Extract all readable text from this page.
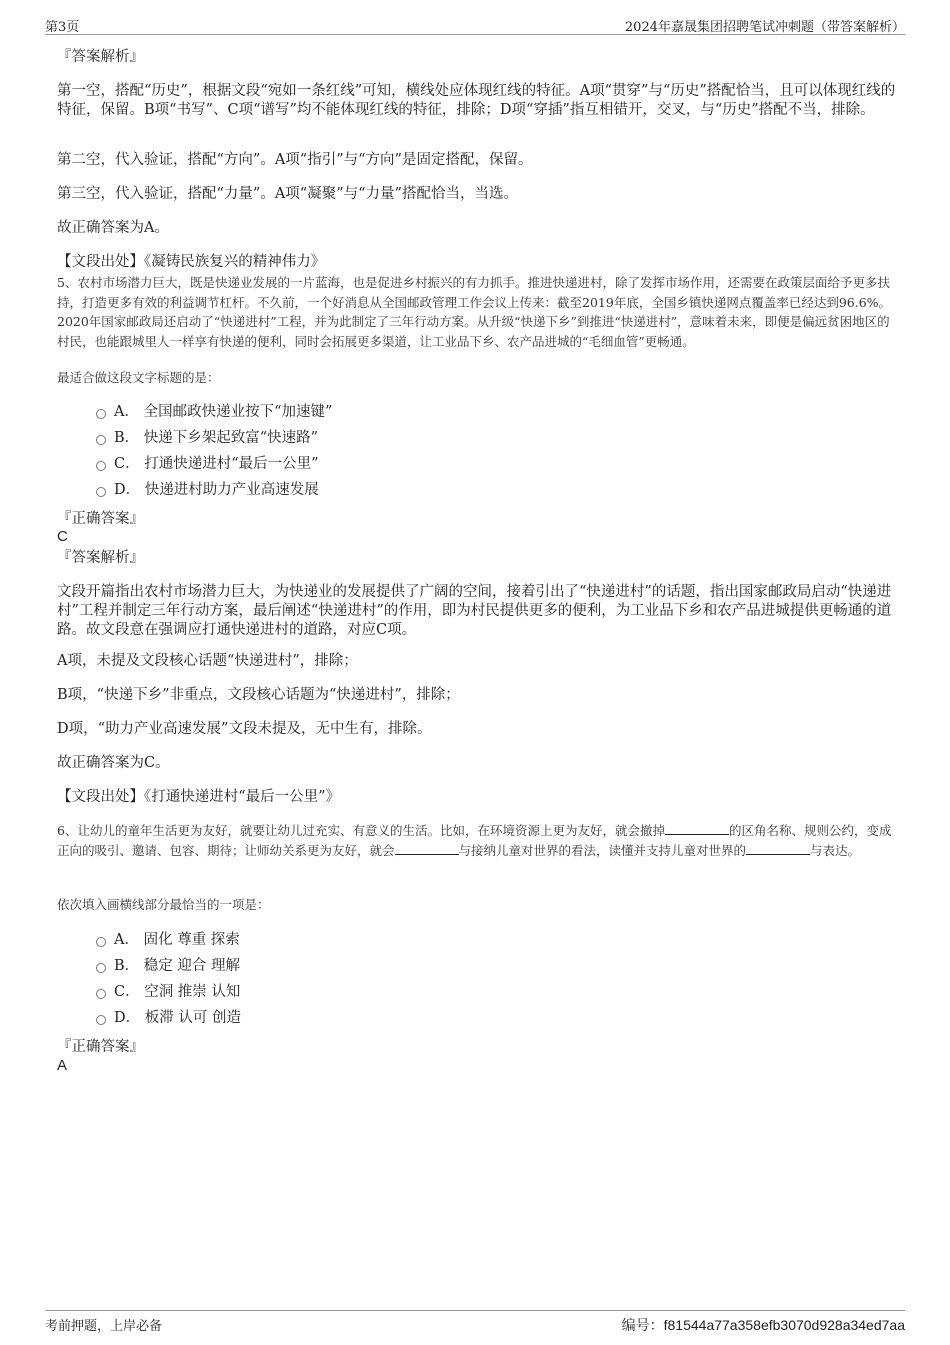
第3页	2024年嘉晟集团招聘笔试冲刺题（带答案解析）
『答案解析』
第一空，搭配“历史”，根据文段“宛如一条红线”可知，横线处应体现红线的特征。A项“贯穿”与“历史”搭配恰当，且可以体现红线的特征，保留。B项“书写”、C项“谱写”均不能体现红线的特征，排除；D项“穿插”指互相错开，交叉，与“历史”搭配不当，排除。
第二空，代入验证，搭配“方向”。A项“指引”与“方向”是固定搭配，保留。
第三空，代入验证，搭配“力量”。A项“凝聚”与“力量”搭配恰当，当选。
故正确答案为A。
【文段出处】《凝铸民族复兴的精神伟力》
5、农村市场潜力巨大，既是快递业发展的一片蓝海，也是促进乡村振兴的有力抓手。推进快递进村，除了发挥市场作用，还需要在政策层面给予更多扶持，打造更多有效的利益调节杠杆。不久前，一个好消息从全国邮政管理工作会议上传来：截至2019年底，全国乡镇快递网点覆盖率已经达到96.6%。2020年国家邮政局还启动了“快递进村”工程，并为此制定了三年行动方案。从升级“快递下乡”到推进“快递进村”，意味着未来，即便是偏远贫困地区的村民，也能跟城里人一样享有快递的便利，同时会拓展更多渠道，让工业品下乡、农产品进城的“毛细血管”更畅通。
最适合做这段文字标题的是：
A． 全国邮政快递业按下“加速键”
B． 快递下乡架起致富“快速路”
C． 打通快递进村“最后一公里”
D． 快递进村助力产业高速发展
『正确答案』
C
『答案解析』
文段开篇指出农村市场潜力巨大，为快递业的发展提供了广阔的空间，接着引出了“快递进村”的话题，指出国家邮政局启动“快递进村”工程并制定三年行动方案，最后阐述“快递进村”的作用，即为村民提供更多的便利，为工业品下乡和农产品进城提供更畅通的道路。故文段意在强调应打通快递进村的道路，对应C项。
A项，未提及文段核心话题“快递进村”，排除；
B项，“快递下乡”非重点，文段核心话题为“快递进村”，排除；
D项，“助力产业高速发展”文段未提及，无中生有，排除。
故正确答案为C。
【文段出处】《打通快递进村“最后一公里”》
6、让幼儿的童年生活更为友好，就要让幼儿过充实、有意义的生活。比如，在环境资源上更为友好，就会撤掉	的区角名称、规则公约，变成正向的吸引、邀请、包容、期待；让师幼关系更为友好，就会	与接纳儿童对世界的看法，读懂并支持儿童对世界的	与表达。
依次填入画横线部分最恰当的一项是：
A． 固化 尊重 探索
B． 稳定 迎合 理解
C． 空洞 推崇 认知
D． 板滞 认可 创造
『正确答案』
A
考前押题，上岸必备	编号：f81544a77a358efb3070d928a34ed7aa
